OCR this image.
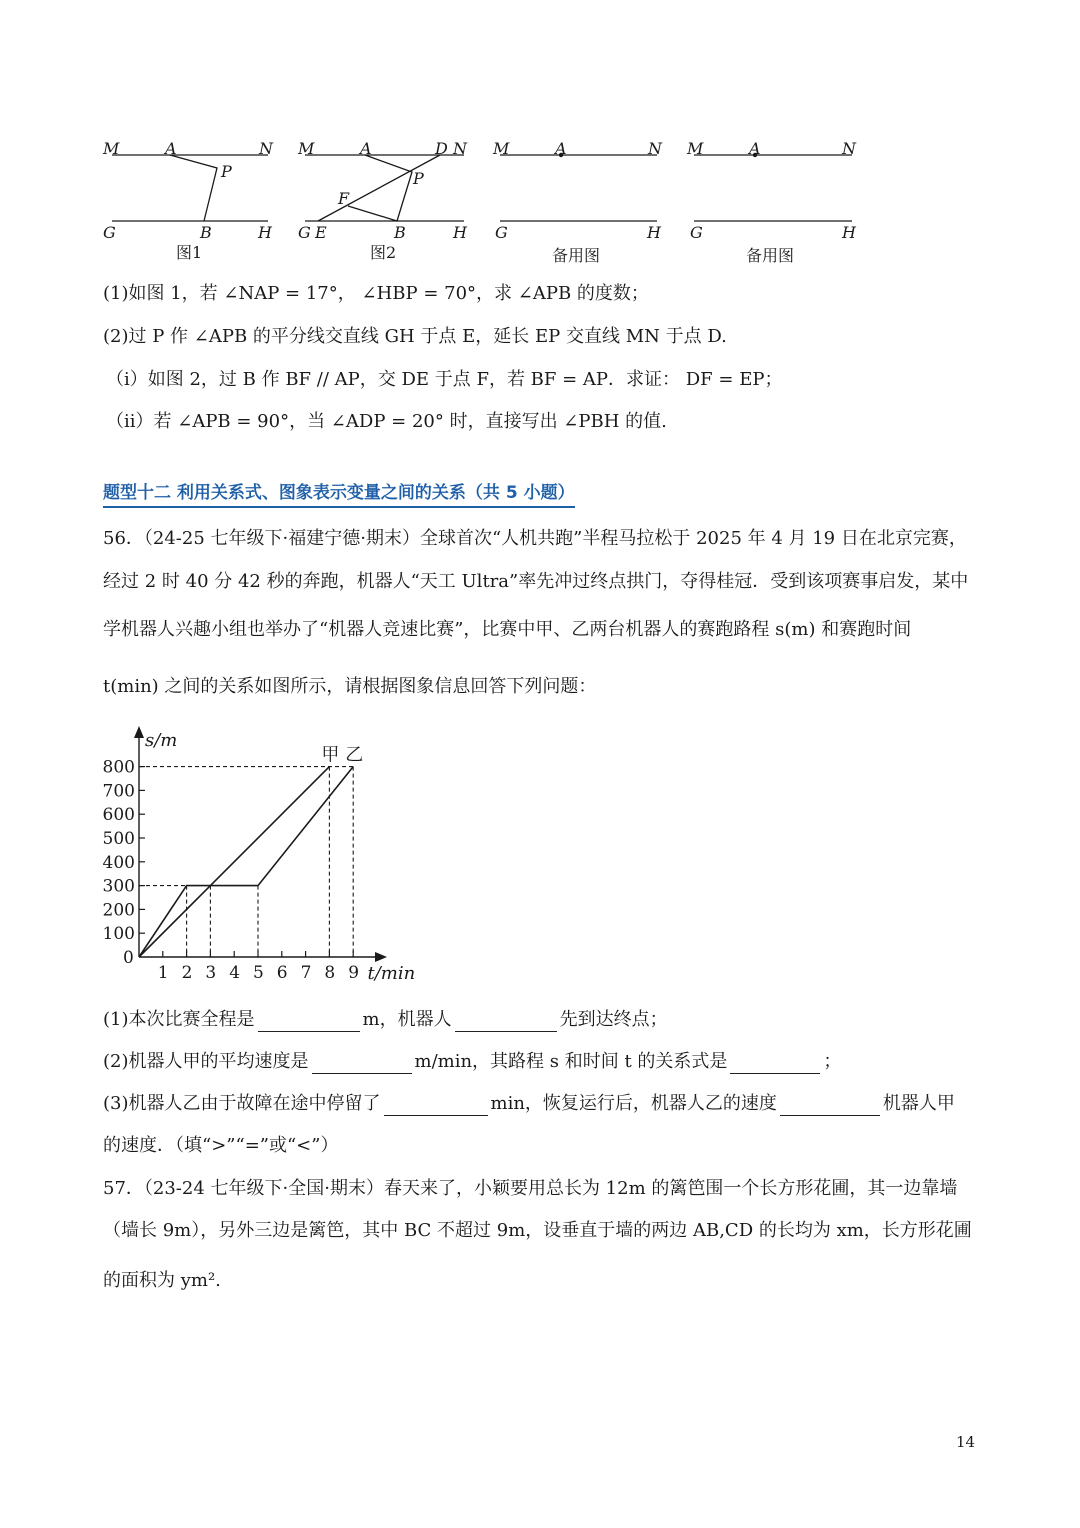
M	A	N
P
G	B	H
M	A	D N
P
F
G E	B	H
M	A	N
G	H
M	A	N
G	H
图1	图2	备用图	备用图
(1)如图 1，若 ∠NAP = 17°， ∠HBP = 70°，求 ∠APB 的度数；
(2)过 P 作 ∠APB 的平分线交直线 GH 于点 E，延长 EP 交直线 MN 于点 D.
（i）如图 2，过 B 作 BF // AP，交 DE 于点 F，若 BF = AP．求证： DF = EP；
（ii）若 ∠APB = 90°，当 ∠ADP = 20° 时，直接写出 ∠PBH 的值.
题型十二 利用关系式、图象表示变量之间的关系（共 5 小题）
56．（24-25 七年级下·福建宁德·期末）全球首次“人机共跑”半程马拉松于 2025 年 4 月 19 日在北京完赛，
经过 2 时 40 分 42 秒的奔跑，机器人“天工 Ultra”率先冲过终点拱门，夺得桂冠．受到该项赛事启发，某中
学机器人兴趣小组也举办了“机器人竞速比赛”，比赛中甲、乙两台机器人的赛跑路程 s(m) 和赛跑时间
t(min) 之间的关系如图所示，请根据图象信息回答下列问题：
s/m
t/min
0
1 2 3 4 5 6 7 8 9
100
200
300
400
500
600
700
800
甲 乙
(1)本次比赛全程是	m，机器人	先到达终点；
(2)机器人甲的平均速度是	m/min，其路程 s 和时间 t 的关系式是	；
(3)机器人乙由于故障在途中停留了	min，恢复运行后，机器人乙的速度	机器人甲
的速度．（填“>”“=”或“<”）
57．（23-24 七年级下·全国·期末）春天来了，小颖要用总长为 12m 的篱笆围一个长方形花圃，其一边靠墙
（墙长 9m），另外三边是篱笆，其中 BC 不超过 9m，设垂直于墙的两边 AB,CD 的长均为 xm，长方形花圃
的面积为 ym².
14
